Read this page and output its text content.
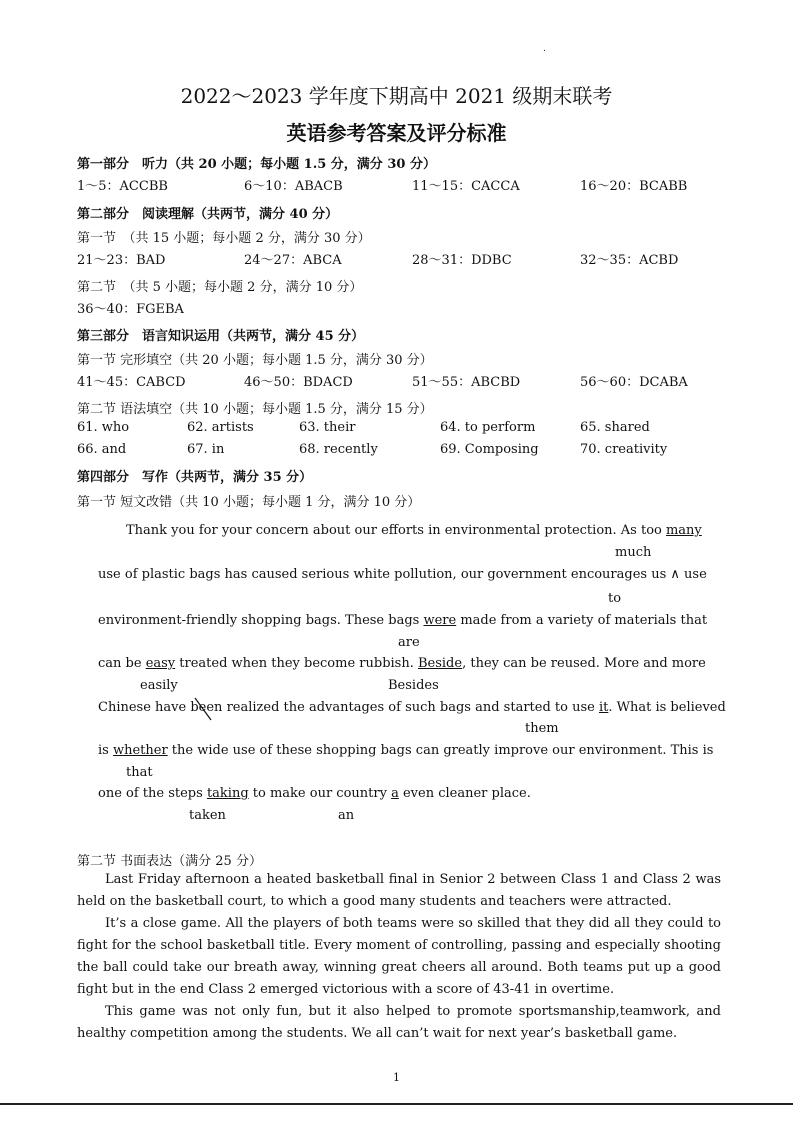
.
2022～2023 学年度下期高中 2021 级期末联考
英语参考答案及评分标准
第一部分　听力（共 20 小题；每小题 1.5 分，满分 30 分）
1～5：ACCBB	6～10：ABACB	11～15：CACCA	16～20：BCABB
第二部分　阅读理解（共两节，满分 40 分）
第一节　（共 15 小题；每小题 2 分，满分 30 分）
21～23：BAD	24～27：ABCA	28～31：DDBC	32～35：ACBD
第二节　（共 5 小题；每小题 2 分，满分 10 分）
36～40：FGEBA
第三部分　语言知识运用（共两节，满分 45 分）
第一节 完形填空（共 20 小题；每小题 1.5 分，满分 30 分）
41～45：CABCD	46～50：BDACD	51～55：ABCBD	56～60：DCABA
第二节 语法填空（共 10 小题；每小题 1.5 分，满分 15 分）
61. who	62. artists	63. their	64. to perform	65. shared
66. and	67. in	68. recently	69. Composing	70. creativity
第四部分　写作（共两节，满分 35 分）
第一节 短文改错（共 10 小题；每小题 1 分，满分 10 分）
Thank you for your concern about our efforts in environmental protection. As too many
much
use of plastic bags has caused serious white pollution, our government encourages us ∧ use
to
environment-friendly shopping bags. These bags were made from a variety of materials that
are
can be easy treated when they become rubbish. Beside, they can be reused. More and more
easily	Besides
Chinese have been
realized the advantages of such bags and started to use it. What is believed
them
is whether the wide use of these shopping bags can greatly improve our environment. This is
that
one of the steps taking to make our country a even cleaner place.
taken	an
第二节 书面表达（满分 25 分）

Last Friday afternoon a heated basketball final in Senior 2 between Class 1 and Class 2 was held on the basketball court, to which a good many students and teachers were attracted.

It’s a close game. All the players of both teams were so skilled that they did all they could to fight for the school basketball title. Every moment of controlling, passing and especially shooting the ball could take our breath away, winning great cheers all around. Both teams put up a good fight but in the end Class 2 emerged victorious with a score of 43-41 in overtime.

This game was not only fun, but it also helped to promote sportsmanship,teamwork, and healthy competition among the students. We all can’t wait for next year’s basketball game.

1
